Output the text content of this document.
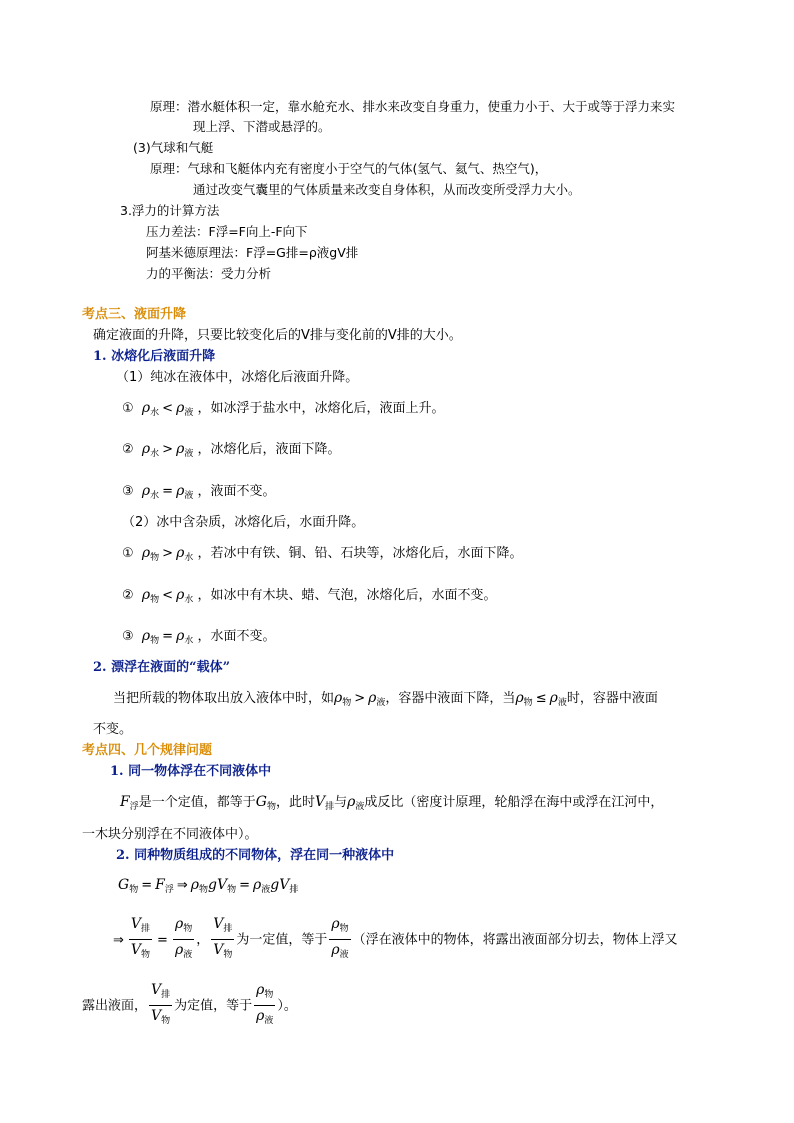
原理：潜水艇体积一定，靠水舱充水、排水来改变自身重力，使重力小于、大于或等于浮力来实
现上浮、下潜或悬浮的。
(3)气球和气艇
原理：气球和飞艇体内充有密度小于空气的气体(氢气、氦气、热空气)，
通过改变气囊里的气体质量来改变自身体积，从而改变所受浮力大小。
3.浮力的计算方法
压力差法：F浮=F向上-F向下
阿基米德原理法：F浮=G排=ρ液gV排
力的平衡法：受力分析
考点三、液面升降
确定液面的升降，只要比较变化后的V排与变化前的V排的大小。
1. 冰熔化后液面升降
（1）纯冰在液体中，冰熔化后液面升降。
① $\rho_水 < \rho_液$ ，如冰浮于盐水中，冰熔化后，液面上升。
② $\rho_水 > \rho_液$ ，冰熔化后，液面下降。
③ $\rho_水 = \rho_液$ ，液面不变。
（2）冰中含杂质，冰熔化后，水面升降。
① $\rho_物 > \rho_水$ ，若冰中有铁、铜、铅、石块等，冰熔化后，水面下降。
② $\rho_物 < \rho_水$ ，如冰中有木块、蜡、气泡，冰熔化后，水面不变。
③ $\rho_物 = \rho_水$ ，水面不变。
2. 漂浮在液面的“载体”
当把所载的物体取出放入液体中时，如$\rho_物 > \rho_液$，容器中液面下降，当$\rho_物 \le \rho_液$时，容器中液面
不变。
考点四、几个规律问题
1. 同一物体浮在不同液体中
$F_浮$是一个定值，都等于$G_物$，此时$V_排$与$\rho_液$成反比（密度计原理，轮船浮在海中或浮在江河中，
一木块分别浮在不同液体中）。
2. 同种物质组成的不同物体，浮在同一种液体中
$G_物 = F_浮$ ⇒ $\rho_物gV_物 = \rho_液gV_排$
⇒ $\frac{V_排}{V_物} = \frac{\rho_物}{\rho_液}$ ， $\frac{V_排}{V_物}$ 为一定值，等于 $\frac{\rho_物}{\rho_液}$ （浮在液体中的物体，将露出液面部分切去，物体上浮又
露出液面， $\frac{V_排}{V_物}$ 为定值，等于 $\frac{\rho_物}{\rho_液}$ ）。
